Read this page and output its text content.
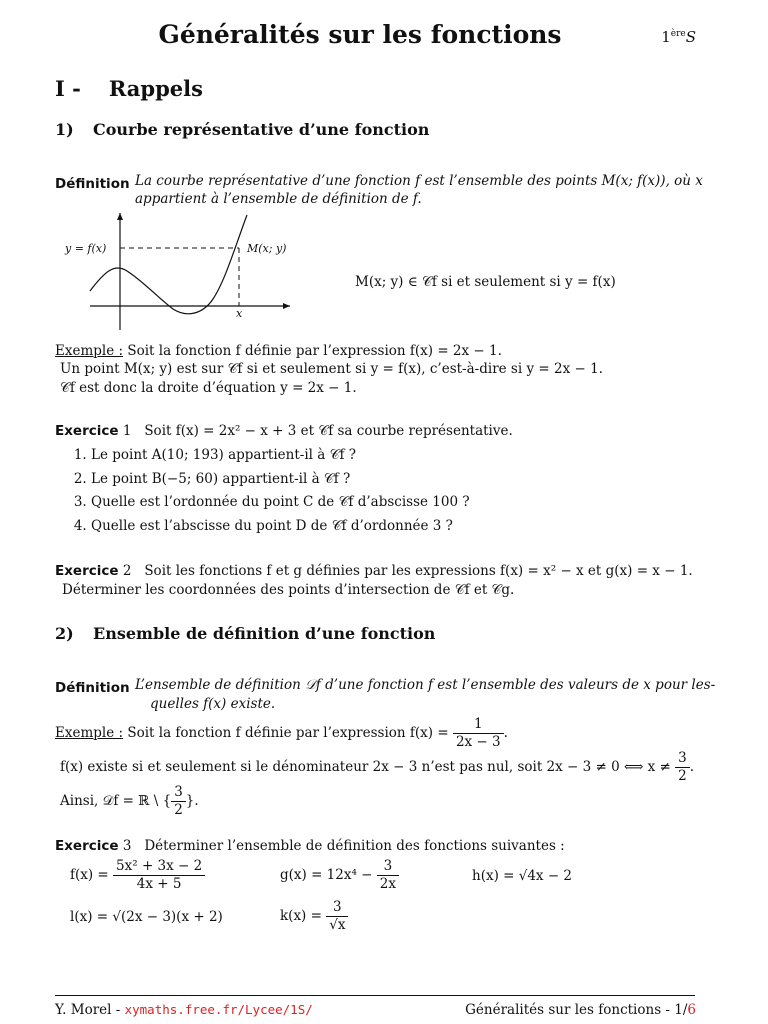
Généralités sur les fonctions	1èreS
I - Rappels
1) Courbe représentative d’une fonction
Définition La courbe représentative d’une fonction f est l’ensemble des points M(x; f(x)), où x
appartient à l’ensemble de définition de f.
y = f(x)	M(x; y)
x
M(x; y) ∈ 𝒞f si et seulement si y = f(x)
Exemple : Soit la fonction f définie par l’expression f(x) = 2x − 1.
Un point M(x; y) est sur 𝒞f si et seulement si y = f(x), c’est-à-dire si y = 2x − 1.
𝒞f est donc la droite d’équation y = 2x − 1.
Exercice 1 Soit f(x) = 2x² − x + 3 et 𝒞f sa courbe représentative.
1. Le point A(10; 193) appartient-il à 𝒞f ?
2. Le point B(−5; 60) appartient-il à 𝒞f ?
3. Quelle est l’ordonnée du point C de 𝒞f d’abscisse 100 ?
4. Quelle est l’abscisse du point D de 𝒞f d’ordonnée 3 ?
Exercice 2 Soit les fonctions f et g définies par les expressions f(x) = x² − x et g(x) = x − 1.
Déterminer les coordonnées des points d’intersection de 𝒞f et 𝒞g.
2) Ensemble de définition d’une fonction
Définition L’ensemble de définition 𝒟f d’une fonction f est l’ensemble des valeurs de x pour les-
quelles f(x) existe.
Exemple : Soit la fonction f définie par l’expression $f(x) = \frac{1}{2x - 3}$ .
f(x) existe si et seulement si le dénominateur 2x − 3 n’est pas nul, soit 2x − 3 ≠ 0 ⟺ $x \ne \frac{3}{2}$ .
Ainsi, 𝒟f = ℝ \ { $\frac{3}{2}$ }.
Exercice 3 Déterminer l’ensemble de définition des fonctions suivantes :
$f(x) = \frac{\text{5x² + 3x − 2}}{4x + 5}$	$g(x) = 12x^4 - \frac{3}{2x}$	h(x) = √4x − 2
l(x) = √(2x − 3)(x + 2)	$k(x) = \frac{3}{√x}$
Y. Morel - xymaths.free.fr/Lycee/1S/	Généralités sur les fonctions - 1/6
